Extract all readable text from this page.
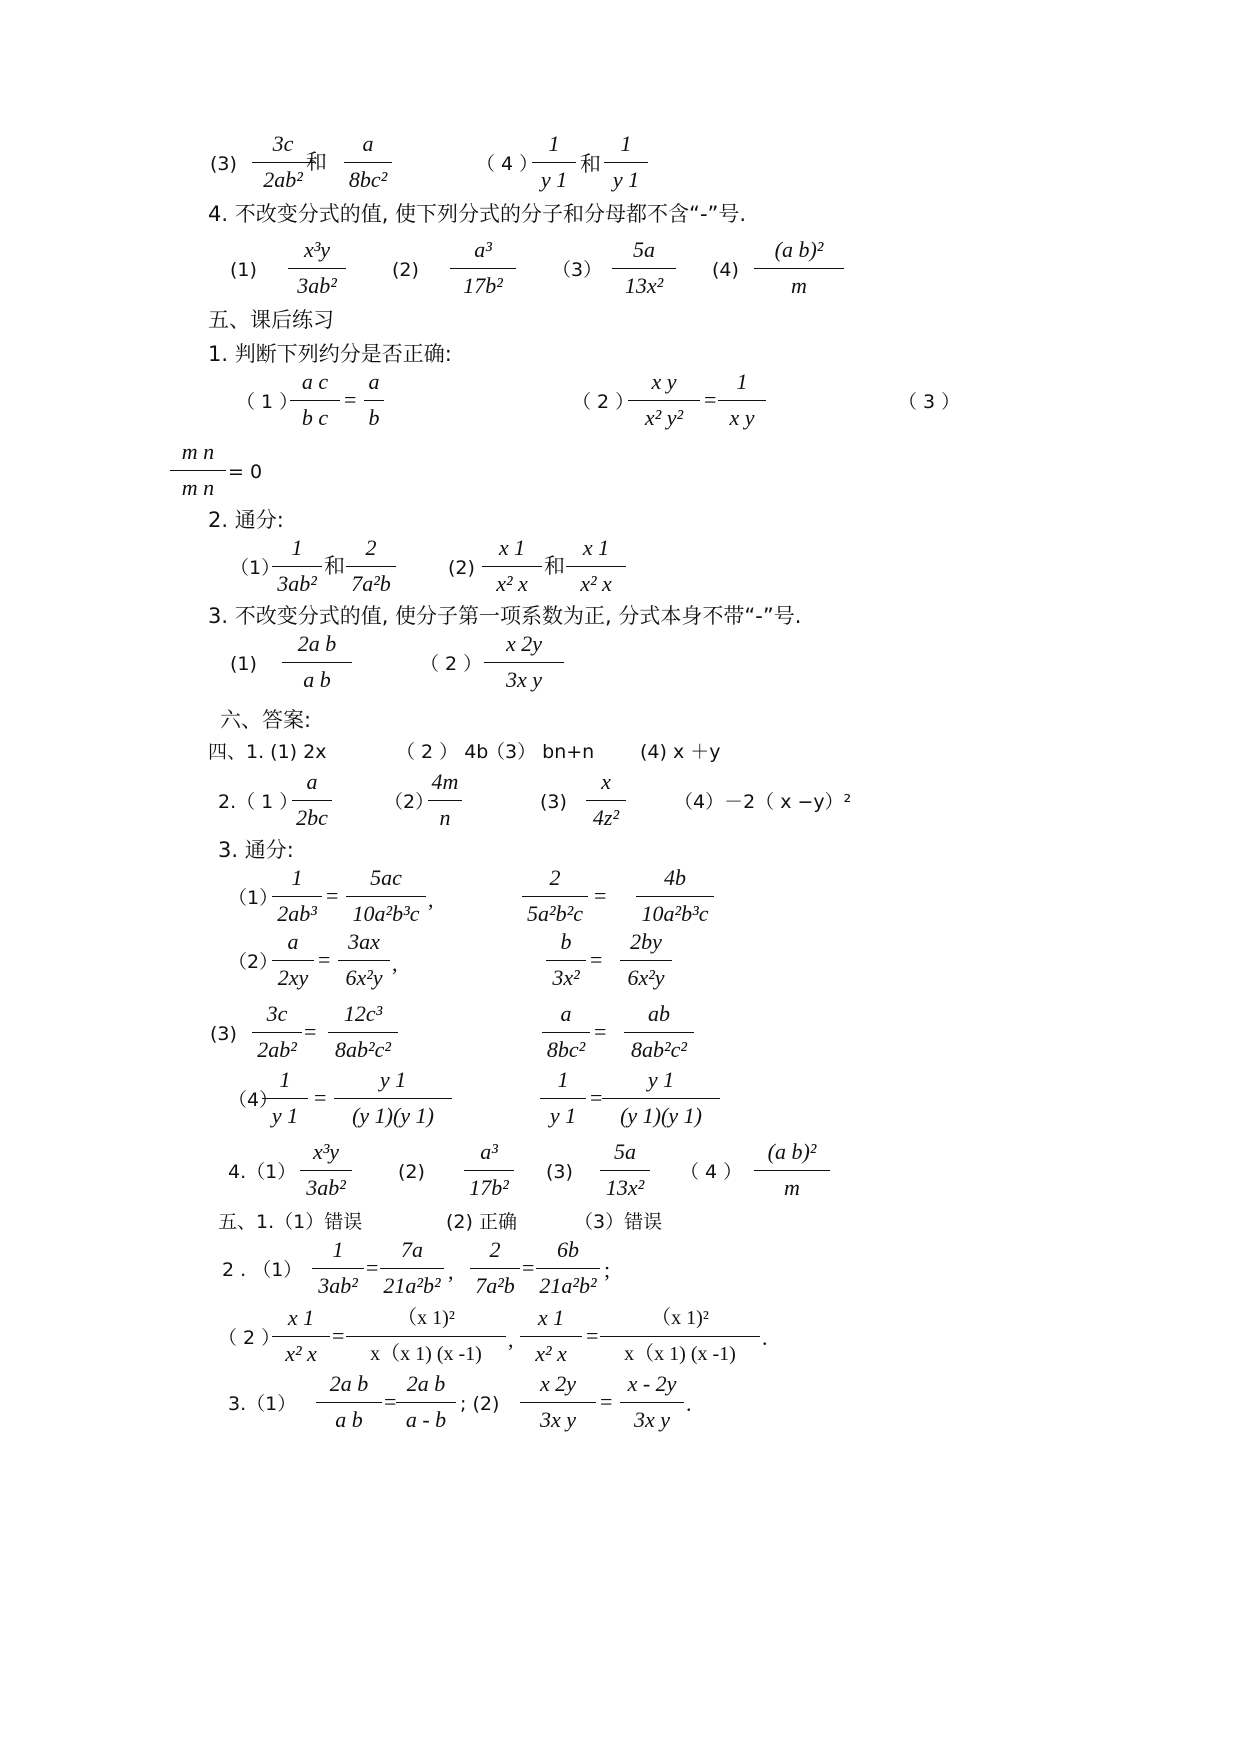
(3)
3c
2ab²
和
a
8bc²
（ 4 ）
1
y 1
和
1
y 1
4. 不改变分式的值, 使下列分式的分子和分母都不含“-”号.
(1)
x³y
3ab²
(2)
a³
17b²
（3）
5a
13x²
(4)
(a b)²
m
五、课后练习
1. 判断下列约分是否正确:
（ 1 ）
a c
b c
=
a
b
（ 2 ）
x y
x² y²
=
1
x y
（ 3 ）
m n
m n
= 0
2. 通分:
（1）
1
3ab²
和
2
7a²b
(2)
x 1
x² x
和
x 1
x² x
3. 不改变分式的值, 使分子第一项系数为正, 分式本身不带“-”号.
(1)
2a b
a b
（ 2 ）
x 2y
3x y
六、答案:
四、1. (1) 2x	（ 2 ） 4b
（3） bn+n (4) x ＋y
2.（ 1 ）
a
2bc
（2）
4m
n
(3)
x
4z²
（4）－2（ x −y）²
3. 通分:
（1）
1
2ab³
=
5ac
10a²b³c
,
2
5a²b²c
=
4b
10a²b³c
（2）
a
2xy
=
3ax
6x²y
,
b
3x²
=
2by
6x²y
(3)
3c
2ab²
=
12c³
8ab²c²
a
8bc²
=
ab
8ab²c²
（4）
1
y 1
=
y 1
(y 1)(y 1)
1
y 1
=
y 1
(y 1)(y 1)
4.（1）
x³y
3ab²
(2)
a³
17b²
(3)
5a
13x²
（ 4 ）
(a b)²
m
五、1.（1）错误	(2) 正确	（3）错误
2 . （1）
1
3ab²
=
7a
21a²b²
,
2
7a²b
=
6b
21a²b²
;
（ 2 ）
x 1
x² x
=
（x 1)²
x（x 1) (x -1)
,
x 1
x² x
=
（x 1)²
x（x 1) (x -1)
.
3.（1）
2a b
a b
=
2a b
a - b
; (2)
x 2y
3x y
=
x - 2y
3x y
.
